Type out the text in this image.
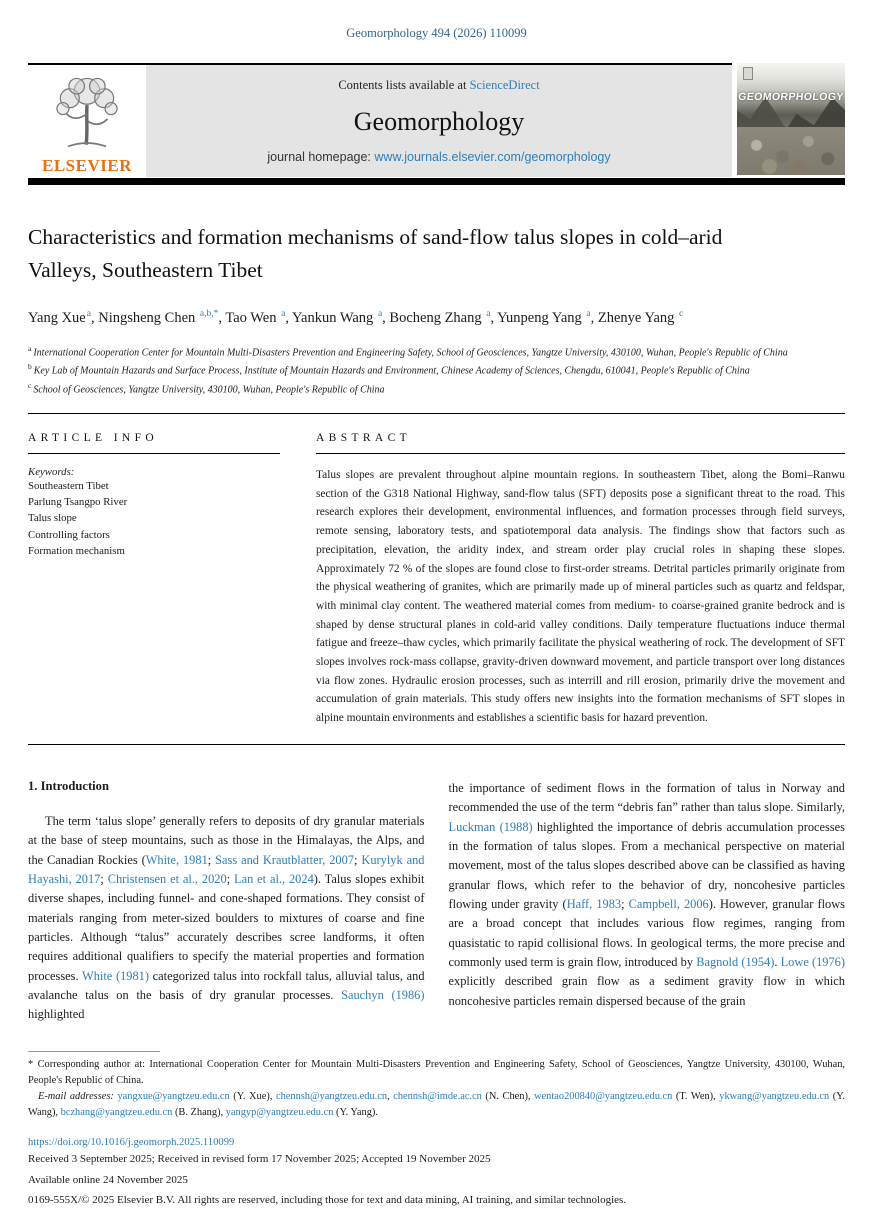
Geomorphology 494 (2026) 110099
ELSEVIER
Contents lists available at ScienceDirect
Geomorphology
journal homepage: www.journals.elsevier.com/geomorphology
GEOMORPHOLOGY
Characteristics and formation mechanisms of sand-flow talus slopes in cold–arid Valleys, Southeastern Tibet
Yang Xue$^a$, Ningsheng Chen $^{a,b,*}$, Tao Wen $^a$, Yankun Wang $^a$, Bocheng Zhang $^a$, Yunpeng Yang $^a$, Zhenye Yang $^c$
$^a$ International Cooperation Center for Mountain Multi-Disasters Prevention and Engineering Safety, School of Geosciences, Yangtze University, 430100, Wuhan, People's Republic of China
$^b$ Key Lab of Mountain Hazards and Surface Process, Institute of Mountain Hazards and Environment, Chinese Academy of Sciences, Chengdu, 610041, People's Republic of China
$^c$ School of Geosciences, Yangtze University, 430100, Wuhan, People's Republic of China
ARTICLE INFO
Keywords:
Southeastern Tibet
Parlung Tsangpo River
Talus slope
Controlling factors
Formation mechanism
ABSTRACT
Talus slopes are prevalent throughout alpine mountain regions. In southeastern Tibet, along the Bomi–Ranwu section of the G318 National Highway, sand-flow talus (SFT) deposits pose a significant threat to the road. This research explores their development, environmental influences, and formation processes through field surveys, remote sensing, laboratory tests, and spatiotemporal data analysis. The findings show that factors such as precipitation, elevation, the aridity index, and stream order play crucial roles in shaping these slopes. Approximately 72 % of the slopes are found close to first-order streams. Detrital particles primarily originate from the physical weathering of granites, which are primarily made up of mineral particles such as quartz and feldspar, with minimal clay content. The weathered material comes from medium- to coarse-grained granite bedrock and is shaped by dense structural planes in cold-arid valley conditions. Daily temperature fluctuations induce thermal fatigue and freeze–thaw cycles, which primarily facilitate the physical weathering of rock. The development of SFT slopes involves rock-mass collapse, gravity-driven downward movement, and particle transport over long distances via flow zones. Hydraulic erosion processes, such as interrill and rill erosion, primarily drive the movement and accumulation of grain materials. This study offers new insights into the formation mechanisms of SFT slopes in alpine mountain environments and establishes a scientific basis for hazard prevention.
1. Introduction
The term ‘talus slope’ generally refers to deposits of dry granular materials at the base of steep mountains, such as those in the Himalayas, the Alps, and the Canadian Rockies (White, 1981; Sass and Krautblatter, 2007; Kurylyk and Hayashi, 2017; Christensen et al., 2020; Lan et al., 2024). Talus slopes exhibit diverse shapes, including funnel- and cone-shaped formations. They consist of materials ranging from meter-sized boulders to mixtures of coarse and fine particles. Although “talus” accurately describes scree landforms, it often requires additional qualifiers to specify the material properties and formation processes. White (1981) categorized talus into rockfall talus, alluvial talus, and avalanche talus on the basis of dry granular processes. Sauchyn (1986) highlighted
the importance of sediment flows in the formation of talus in Norway and recommended the use of the term “debris fan” rather than talus slope. Similarly, Luckman (1988) highlighted the importance of debris accumulation processes in the formation of talus slopes. From a mechanical perspective on material movement, most of the talus slopes described above can be classified as having granular flows, which refer to the behavior of dry, noncohesive particles flowing under gravity (Haff, 1983; Campbell, 2006). However, granular flows are a broad concept that includes various flow regimes, ranging from quasistatic to rapid collisional flows. In geological terms, the more precise and commonly used term is grain flow, introduced by Bagnold (1954). Lowe (1976) explicitly described grain flow as a sediment gravity flow in which noncohesive particles remain dispersed because of the grain
* Corresponding author at: International Cooperation Center for Mountain Multi-Disasters Prevention and Engineering Safety, School of Geosciences, Yangtze University, 430100, Wuhan, People's Republic of China.
E-mail addresses: yangxue@yangtzeu.edu.cn (Y. Xue), chennsh@yangtzeu.edu.cn, chennsh@imde.ac.cn (N. Chen), wentao200840@yangtzeu.edu.cn (T. Wen), ykwang@yangtzeu.edu.cn (Y. Wang), bczhang@yangtzeu.edu.cn (B. Zhang), yangyp@yangtzeu.edu.cn (Y. Yang).
https://doi.org/10.1016/j.geomorph.2025.110099
Received 3 September 2025; Received in revised form 17 November 2025; Accepted 19 November 2025
Available online 24 November 2025
0169-555X/© 2025 Elsevier B.V. All rights are reserved, including those for text and data mining, AI training, and similar technologies.
